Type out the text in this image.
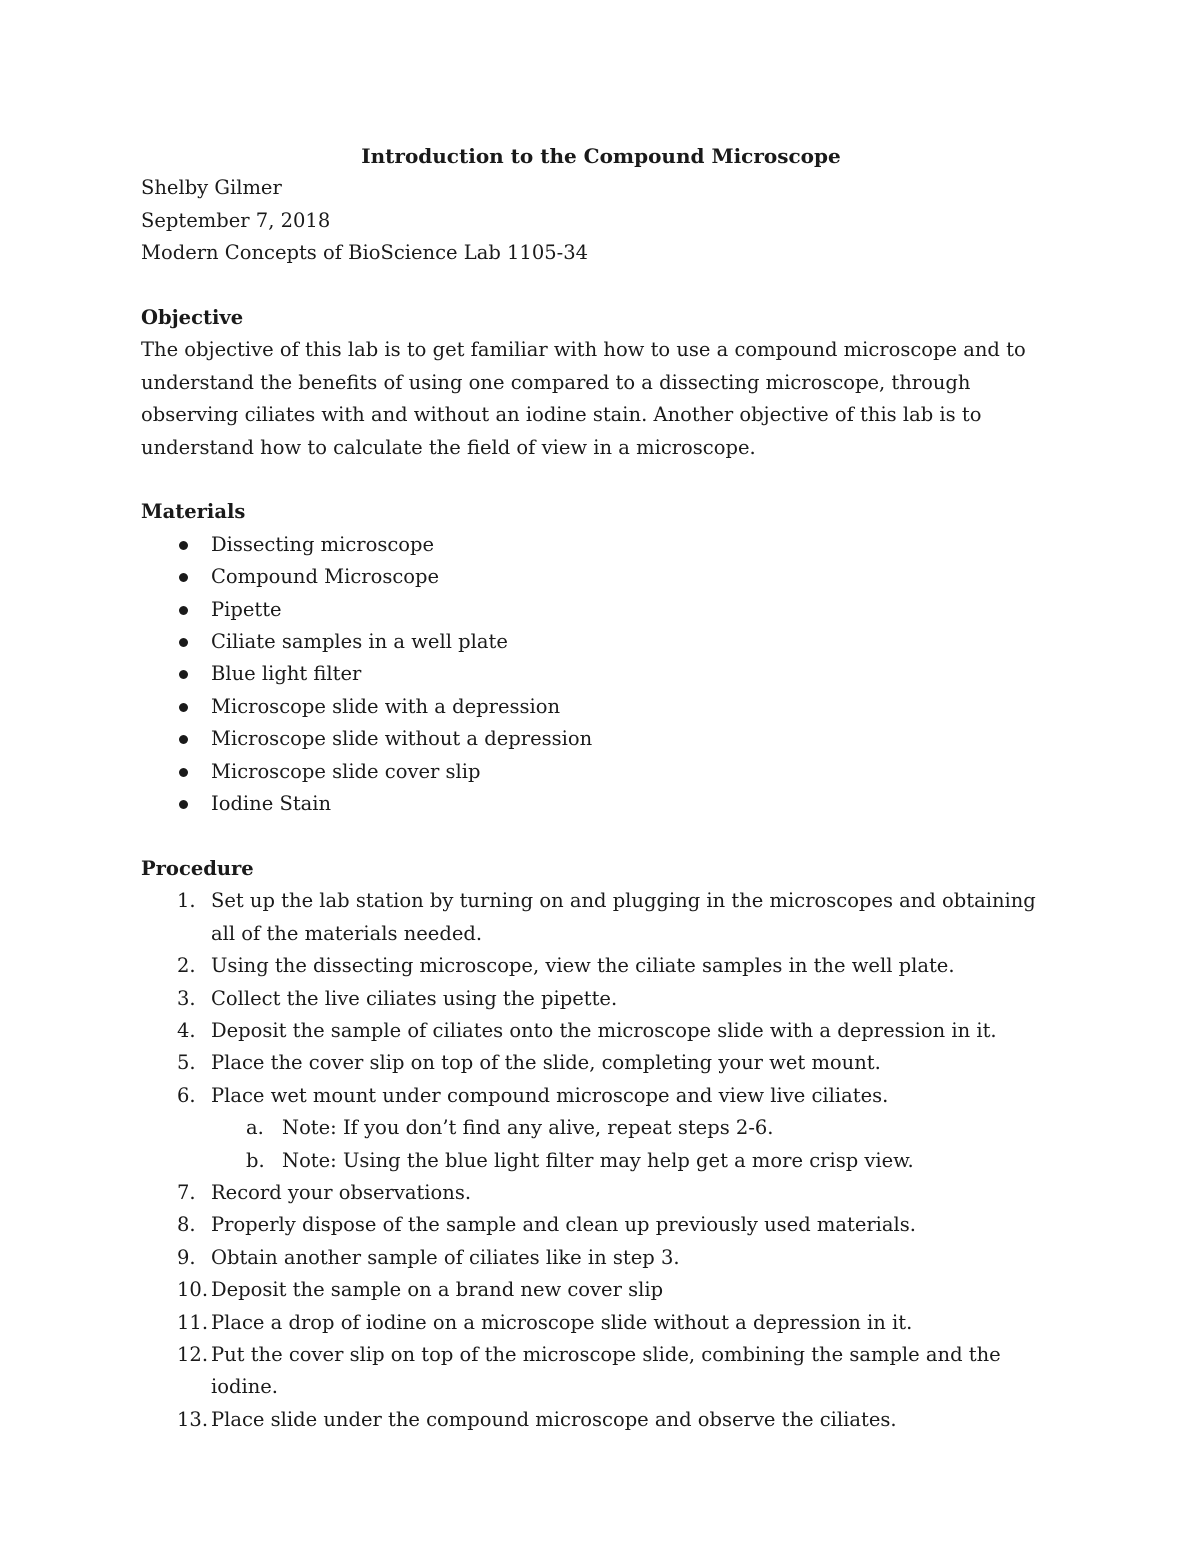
Introduction to the Compound Microscope

Shelby Gilmer

September 7, 2018

Modern Concepts of BioScience Lab 1105-34

Objective

The objective of this lab is to get familiar with how to use a compound microscope and to understand the benefits of using one compared to a dissecting microscope, through observing ciliates with and without an iodine stain. Another objective of this lab is to understand how to calculate the field of view in a microscope.

Materials

Dissecting microscope
Compound Microscope
Pipette
Ciliate samples in a well plate
Blue light filter
Microscope slide with a depression
Microscope slide without a depression
Microscope slide cover slip
Iodine Stain

Procedure

1. Set up the lab station by turning on and plugging in the microscopes and obtaining all of the materials needed.
2. Using the dissecting microscope, view the ciliate samples in the well plate.
3. Collect the live ciliates using the pipette.
4. Deposit the sample of ciliates onto the microscope slide with a depression in it.
5. Place the cover slip on top of the slide, completing your wet mount.
6. Place wet mount under compound microscope and view live ciliates.
a. Note: If you don’t find any alive, repeat steps 2-6.
b. Note: Using the blue light filter may help get a more crisp view.
7. Record your observations.
8. Properly dispose of the sample and clean up previously used materials.
9. Obtain another sample of ciliates like in step 3.
10. Deposit the sample on a brand new cover slip
11. Place a drop of iodine on a microscope slide without a depression in it.
12. Put the cover slip on top of the microscope slide, combining the sample and the iodine.
13. Place slide under the compound microscope and observe the ciliates.
